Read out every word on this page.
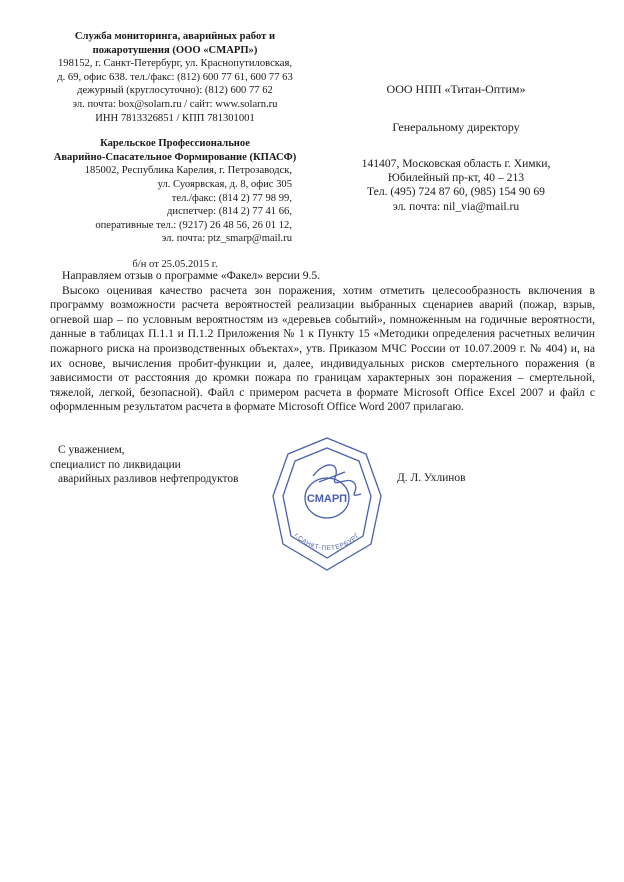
Служба мониторинга, аварийных работ и
пожаротушения (ООО «СМАРП»)
198152, г. Санкт-Петербург, ул. Краснопутиловская,
д. 69, офис 638. тел./факс: (812) 600 77 61, 600 77 63
дежурный (круглосуточно): (812) 600 77 62
эл. почта: box@solarn.ru / сайт: www.solarn.ru
ИНН 7813326851 / КПП 781301001
Карельское Профессиональное
Аварийно-Спасательное Формирование (КПАСФ)
185002, Республика Карелия, г. Петрозаводск,
ул. Суоярвская, д. 8, офис 305
тел./факс: (814 2) 77 98 99,
диспетчер: (814 2) 77 41 66,
оперативные тел.: (9217) 26 48 56, 26 01 12,
эл. почта: ptz_smarp@mail.ru
б/н от 25.05.2015 г.
ООО НПП «Титан-Оптим»
Генеральному директору
141407, Московская область г. Химки,
Юбилейный пр-кт, 40 – 213
Тел. (495) 724 87 60, (985) 154 90 69
эл. почта: nil_via@mail.ru

Направляем отзыв о программе «Факел» версии 9.5.

Высоко оценивая качество расчета зон поражения, хотим отметить целесообразность включения в программу возможности расчета вероятностей реализации выбранных сценариев аварий (пожар, взрыв, огневой шар – по условным вероятностям из «деревьев событий», помноженным на годичные вероятности, данные в таблицах П.1.1 и П.1.2 Приложения № 1 к Пункту 15 «Методики определения расчетных величин пожарного риска на производственных объектах», утв. Приказом МЧС России от 10.07.2009 г. № 404) и, на их основе, вычисления пробит-функции и, далее, индивидуальных рисков смертельного поражения (в зависимости от расстояния до кромки пожара по границам характерных зон поражения – смертельной, тяжелой, легкой, безопасной). Файл с примером расчета в формате Microsoft Office Excel 2007 и файл с оформленным результатом расчета в формате Microsoft Office Word 2007 прилагаю.

С уважением,
специалист по ликвидации
аварийных разливов нефтепродуктов	Д. Л. Ухлинов
СМАРП
г.САНКТ-ПЕТЕРБУРГ
